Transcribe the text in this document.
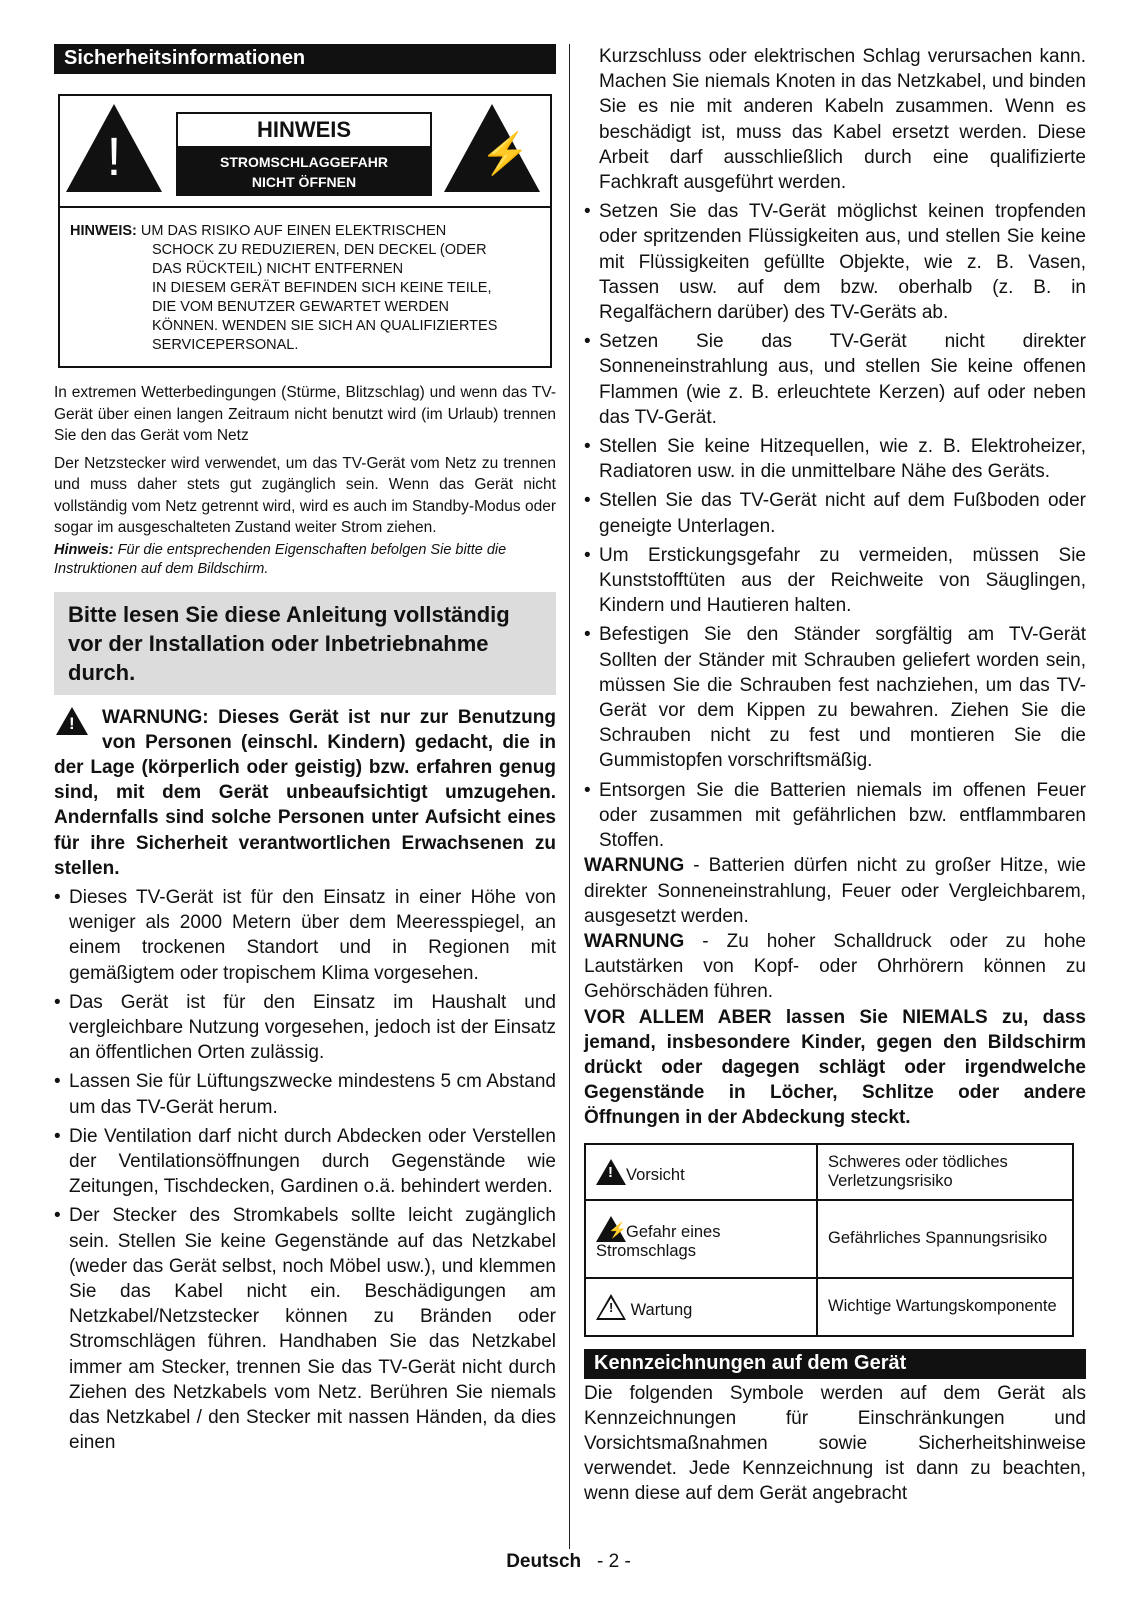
Sicherheitsinformationen
!	HINWEIS
STROMSCHLAGGEFAHR
NICHT ÖFFNEN
⚡
HINWEIS: UM DAS RISIKO AUF EINEN ELEKTRISCHEN
SCHOCK ZU REDUZIEREN, DEN DECKEL (ODER
DAS RÜCKTEIL) NICHT ENTFERNEN
IN DIESEM GERÄT BEFINDEN SICH KEINE TEILE,
DIE VOM BENUTZER GEWARTET WERDEN
KÖNNEN. WENDEN SIE SICH AN QUALIFIZIERTES
SERVICEPERSONAL.

In extremen Wetterbedingungen (Stürme, Blitzschlag) und wenn das TV-Gerät über einen langen Zeitraum nicht benutzt wird (im Urlaub) trennen Sie den das Gerät vom Netz

Der Netzstecker wird verwendet, um das TV-Gerät vom Netz zu trennen und muss daher stets gut zugänglich sein. Wenn das Gerät nicht vollständig vom Netz getrennt wird, wird es auch im Standby-Modus oder sogar im ausgeschalteten Zustand weiter Strom ziehen.

Hinweis: Für die entsprechenden Eigenschaften befolgen Sie bitte die Instruktionen auf dem Bildschirm.

Bitte lesen Sie diese Anleitung vollständig vor der Installation oder Inbetriebnahme durch.

! WARNUNG: Dieses Gerät ist nur zur Benutzung von Personen (einschl. Kindern) gedacht, die in der Lage (körperlich oder geistig) bzw. erfahren genug sind, mit dem Gerät unbeaufsichtigt umzugehen. Andernfalls sind solche Personen unter Aufsicht eines für ihre Sicherheit verantwortlichen Erwachsenen zu stellen.

• Dieses TV-Gerät ist für den Einsatz in einer Höhe von weniger als 2000 Metern über dem Meeresspiegel, an einem trockenen Standort und in Regionen mit gemäßigtem oder tropischem Klima vorgesehen.
• Das Gerät ist für den Einsatz im Haushalt und vergleichbare Nutzung vorgesehen, jedoch ist der Einsatz an öffentlichen Orten zulässig.
• Lassen Sie für Lüftungszwecke mindestens 5 cm Abstand um das TV-Gerät herum.
• Die Ventilation darf nicht durch Abdecken oder Verstellen der Ventilationsöffnungen durch Gegenstände wie Zeitungen, Tischdecken, Gardinen o.ä. behindert werden.
• Der Stecker des Stromkabels sollte leicht zugänglich sein. Stellen Sie keine Gegenstände auf das Netzkabel (weder das Gerät selbst, noch Möbel usw.), und klemmen Sie das Kabel nicht ein. Beschädigungen am Netzkabel/Netzstecker können zu Bränden oder Stromschlägen führen. Handhaben Sie das Netzkabel immer am Stecker, trennen Sie das TV-Gerät nicht durch Ziehen des Netzkabels vom Netz. Berühren Sie niemals das Netzkabel / den Stecker mit nassen Händen, da dies einen

Kurzschluss oder elektrischen Schlag verursachen kann. Machen Sie niemals Knoten in das Netzkabel, und binden Sie es nie mit anderen Kabeln zusammen. Wenn es beschädigt ist, muss das Kabel ersetzt werden. Diese Arbeit darf ausschließlich durch eine qualifizierte Fachkraft ausgeführt werden.

• Setzen Sie das TV-Gerät möglichst keinen tropfenden oder spritzenden Flüssigkeiten aus, und stellen Sie keine mit Flüssigkeiten gefüllte Objekte, wie z. B. Vasen, Tassen usw. auf dem bzw. oberhalb (z. B. in Regalfächern darüber) des TV-Geräts ab.
• Setzen Sie das TV-Gerät nicht direkter Sonneneinstrahlung aus, und stellen Sie keine offenen Flammen (wie z. B. erleuchtete Kerzen) auf oder neben das TV-Gerät.
• Stellen Sie keine Hitzequellen, wie z. B. Elektroheizer, Radiatoren usw. in die unmittelbare Nähe des Geräts.
• Stellen Sie das TV-Gerät nicht auf dem Fußboden oder geneigte Unterlagen.
• Um Erstickungsgefahr zu vermeiden, müssen Sie Kunststofftüten aus der Reichweite von Säuglingen, Kindern und Hautieren halten.
• Befestigen Sie den Ständer sorgfältig am TV-Gerät Sollten der Ständer mit Schrauben geliefert worden sein, müssen Sie die Schrauben fest nachziehen, um das TV-Gerät vor dem Kippen zu bewahren. Ziehen Sie die Schrauben nicht zu fest und montieren Sie die Gummistopfen vorschriftsmäßig.
• Entsorgen Sie die Batterien niemals im offenen Feuer oder zusammen mit gefährlichen bzw. entflammbaren Stoffen.

WARNUNG - Batterien dürfen nicht zu großer Hitze, wie direkter Sonneneinstrahlung, Feuer oder Vergleichbarem, ausgesetzt werden.

WARNUNG - Zu hoher Schalldruck oder zu hohe Lautstärken von Kopf- oder Ohrhörern können zu Gehörschäden führen.

VOR ALLEM ABER lassen Sie NIEMALS zu, dass jemand, insbesondere Kinder, gegen den Bildschirm drückt oder dagegen schlägt oder irgendwelche Gegenstände in Löcher, Schlitze oder andere Öffnungen in der Abdeckung steckt.

! Vorsicht	Schweres oder tödliches Verletzungsrisiko

⚡ Gefahr eines Stromschlags	Gefährliches Spannungsrisiko

! Wartung	Wichtige Wartungskomponente
Kennzeichnungen auf dem Gerät

Die folgenden Symbole werden auf dem Gerät als Kennzeichnungen für Einschränkungen und Vorsichtsmaßnahmen sowie Sicherheitshinweise verwendet. Jede Kennzeichnung ist dann zu beachten, wenn diese auf dem Gerät angebracht

Deutsch - 2 -
